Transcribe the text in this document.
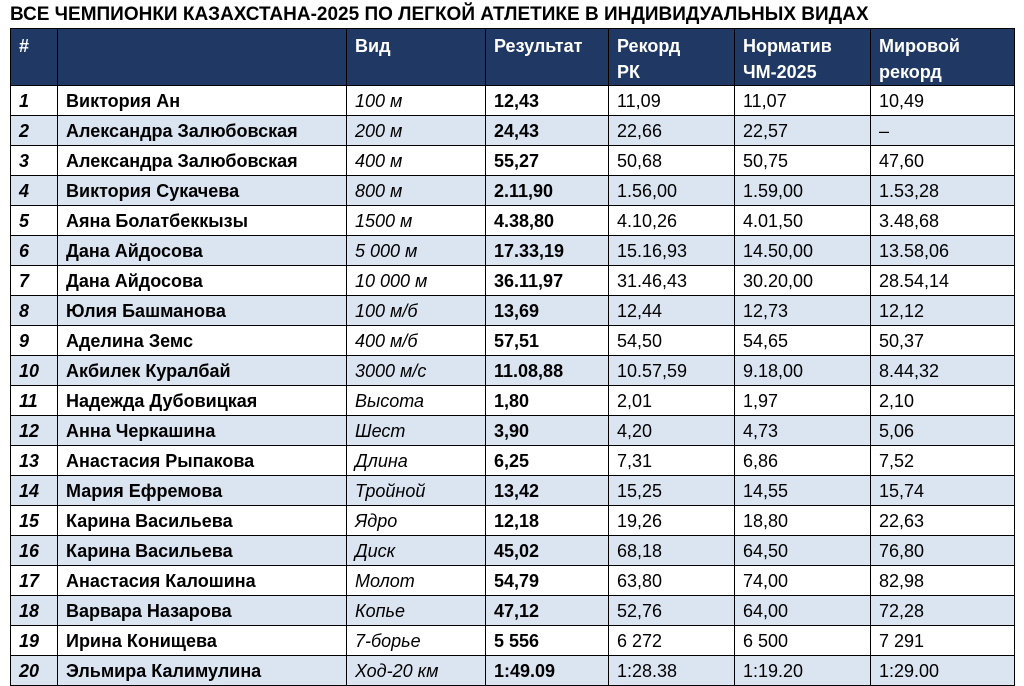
ВСЕ ЧЕМПИОНКИ КАЗАХСТАНА-2025 ПО ЛЕГКОЙ АТЛЕТИКЕ В ИНДИВИДУАЛЬНЫХ ВИДАХ
#		Вид	Результат	Рекорд РК	Норматив ЧМ-2025	Мировой рекорд
1	Виктория Ан	100 м	12,43	11,09	11,07	10,49
2	Александра Залюбовская	200 м	24,43	22,66	22,57	–
3	Александра Залюбовская	400 м	55,27	50,68	50,75	47,60
4	Виктория Сукачева	800 м	2.11,90	1.56,00	1.59,00	1.53,28
5	Аяна Болатбеккызы	1500 м	4.38,80	4.10,26	4.01,50	3.48,68
6	Дана Айдосова	5 000 м	17.33,19	15.16,93	14.50,00	13.58,06
7	Дана Айдосова	10 000 м	36.11,97	31.46,43	30.20,00	28.54,14
8	Юлия Башманова	100 м/б	13,69	12,44	12,73	12,12
9	Аделина Земс	400 м/б	57,51	54,50	54,65	50,37
10	Акбилек Куралбай	3000 м/с	11.08,88	10.57,59	9.18,00	8.44,32
11	Надежда Дубовицкая	Высота	1,80	2,01	1,97	2,10
12	Анна Черкашина	Шест	3,90	4,20	4,73	5,06
13	Анастасия Рыпакова	Длина	6,25	7,31	6,86	7,52
14	Мария Ефремова	Тройной	13,42	15,25	14,55	15,74
15	Карина Васильева	Ядро	12,18	19,26	18,80	22,63
16	Карина Васильева	Диск	45,02	68,18	64,50	76,80
17	Анастасия Калошина	Молот	54,79	63,80	74,00	82,98
18	Варвара Назарова	Копье	47,12	52,76	64,00	72,28
19	Ирина Конищева	7-борье	5 556	6 272	6 500	7 291
20	Эльмира Калимулина	Ход-20 км	1:49.09	1:28.38	1:19.20	1:29.00
